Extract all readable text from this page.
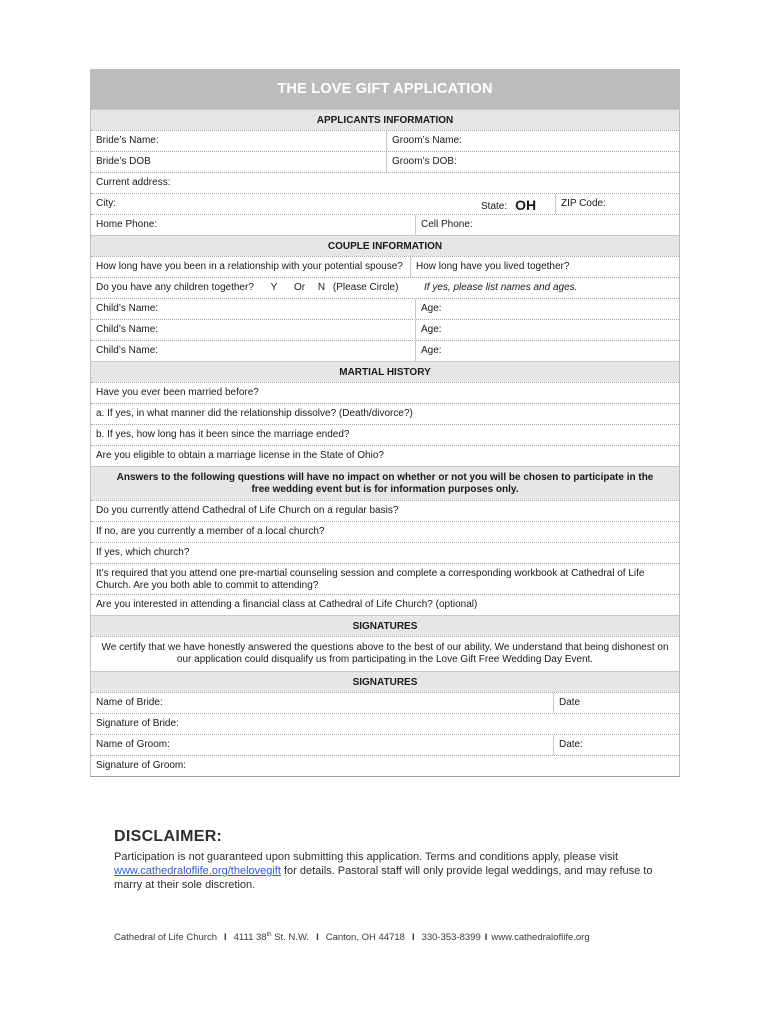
THE LOVE GIFT APPLICATION
APPLICANTS INFORMATION
Bride’s Name:	Groom’s Name:
Bride’s DOB	Groom’s DOB:
Current address:
City:	State: OH	ZIP Code:
Home Phone:	Cell Phone:
COUPLE INFORMATION
How long have you been in a relationship with your potential spouse?	How long have you lived together?
Do you have any children together? Y Or N (Please Circle)	If yes, please list names and ages.
Child’s Name:	Age:
Child’s Name:	Age:
Child’s Name:	Age:
MARTIAL HISTORY
Have you ever been married before?
a. If yes, in what manner did the relationship dissolve? (Death/divorce?)
b. If yes, how long has it been since the marriage ended?
Are you eligible to obtain a marriage license in the State of Ohio?
Answers to the following questions will have no impact on whether or not you will be chosen to participate in the free wedding event but is for information purposes only.
Do you currently attend Cathedral of Life Church on a regular basis?
If no, are you currently a member of a local church?
If yes, which church?
It’s required that you attend one pre-martial counseling session and complete a corresponding workbook at Cathedral of Life Church. Are you both able to commit to attending?
Are you interested in attending a financial class at Cathedral of Life Church? (optional)
SIGNATURES
We certify that we have honestly answered the questions above to the best of our ability. We understand that being dishonest on our application could disqualify us from participating in the Love Gift Free Wedding Day Event.
SIGNATURES
Name of Bride:	Date
Signature of Bride:
Name of Groom:	Date:
Signature of Groom:
DISCLAIMER:
Participation is not guaranteed upon submitting this application. Terms and conditions apply, please visit www.cathedraloflife.org/thelovegift for details. Pastoral staff will only provide legal weddings, and may refuse to marry at their sole discretion.
Cathedral of Life Church I 4111 38th St. N.W. I Canton, OH 44718 I 330-353-8399 I www.cathedraloflife.org
